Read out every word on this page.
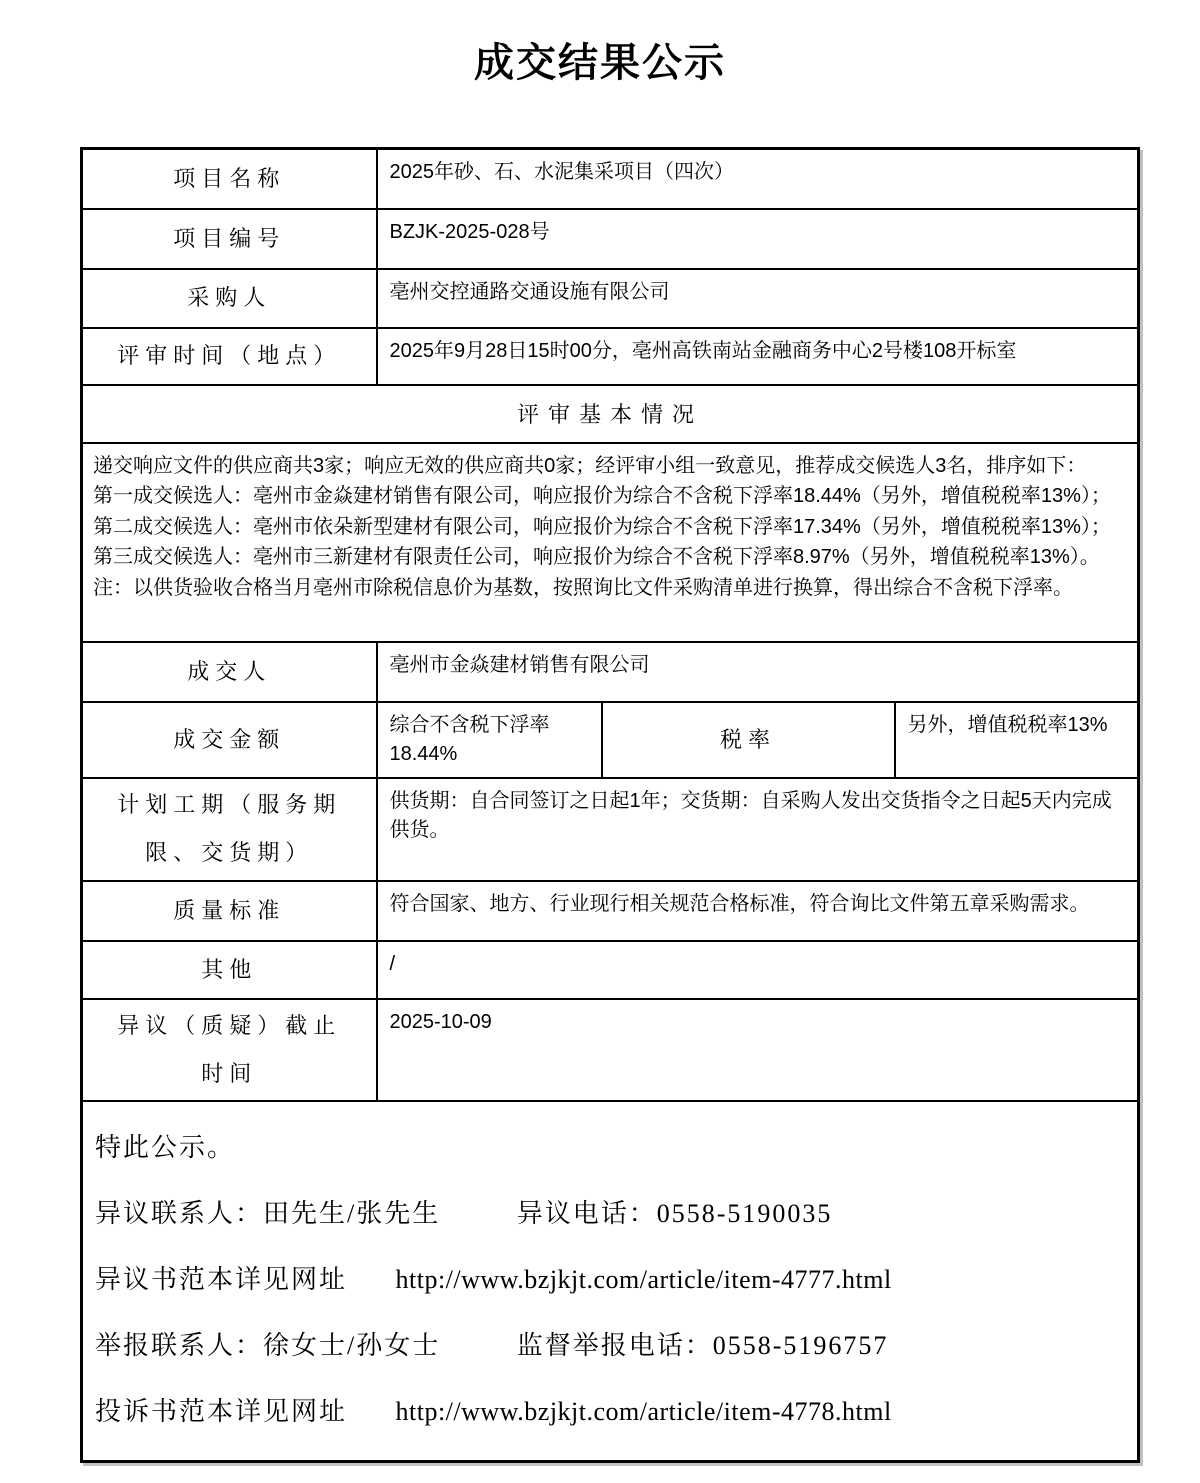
成交结果公示
项目名称	2025年砂、石、水泥集采项目（四次）		
项目编号	BZJK-2025-028号		
采购人	亳州交控通路交通设施有限公司		
评审时间（地点）	2025年9月28日15时00分，亳州高铁南站金融商务中心2号楼108开标室		
评审基本情况			

递交响应文件的供应商共3家；响应无效的供应商共0家；经评审小组一致意见，推荐成交候选人3名，排序如下：
第一成交候选人：亳州市金焱建材销售有限公司，响应报价为综合不含税下浮率18.44%（另外，增值税税率13%）；
第二成交候选人：亳州市依朵新型建材有限公司，响应报价为综合不含税下浮率17.34%（另外，增值税税率13%）；
第三成交候选人：亳州市三新建材有限责任公司，响应报价为综合不含税下浮率8.97%（另外，增值税税率13%）。
注：以供货验收合格当月亳州市除税信息价为基数，按照询比文件采购清单进行换算，得出综合不含税下浮率。			

成交人	亳州市金焱建材销售有限公司		
成交金额	综合不含税下浮率18.44%	税率	另外，增值税税率13%
计划工期（服务期限、交货期）	供货期：自合同签订之日起1年；交货期：自采购人发出交货指令之日起5天内完成供货。		
质量标准	符合国家、地方、行业现行相关规范合格标准，符合询比文件第五章采购需求。		
其他	/		
异议（质疑）截止时间	2025-10-09		

特此公示。
异议联系人：田先生/张先生 异议电话：0558-5190035
异议书范本详见网址 http://www.bzjkjt.com/article/item-4777.html
举报联系人：徐女士/孙女士 监督举报电话：0558-5196757
投诉书范本详见网址 http://www.bzjkjt.com/article/item-4778.html			
